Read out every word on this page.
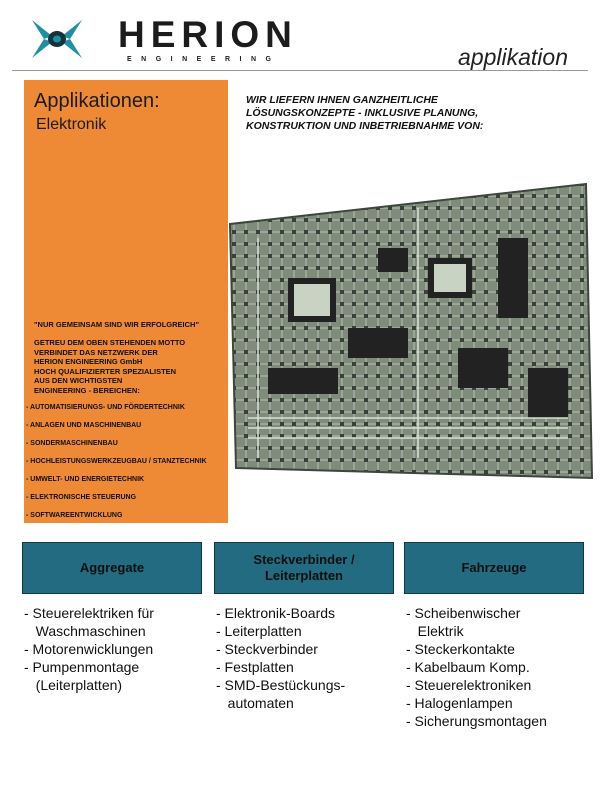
HERION
ENGINEERING	applikation
Applikationen:
Elektronik
"NUR GEMEINSAM SIND WIR ERFOLGREICH"
GETREU DEM OBEN STEHENDEN MOTTO
VERBINDET DAS NETZWERK DER
HERION ENGINEERING GmbH
HOCH QUALIFIZIERTER SPEZIALISTEN
AUS DEN WICHTIGSTEN
ENGINEERING - BEREICHEN:
- AUTOMATISIERUNGS- UND FÖRDERTECHNIK
- ANLAGEN UND MASCHINENBAU
- SONDERMASCHINENBAU
- HOCHLEISTUNGSWERKZEUGBAU / STANZTECHNIK
- UMWELT- UND ENERGIETECHNIK
- ELEKTRONISCHE STEUERUNG
- SOFTWAREENTWICKLUNG
WIR LIEFERN IHNEN GANZHEITLICHE
LÖSUNGSKONZEPTE - INKLUSIVE PLANUNG,
KONSTRUKTION UND INBETRIEBNAHME VON:
Aggregate
Steckverbinder /
Leiterplatten
Fahrzeuge
- Steuerelektriken für
Waschmaschinen
- Motorenwicklungen
- Pumpenmontage
(Leiterplatten)
- Elektronik-Boards
- Leiterplatten
- Steckverbinder
- Festplatten
- SMD-Bestückungs-
automaten
- Scheibenwischer
Elektrik
- Steckerkontakte
- Kabelbaum Komp.
- Steuerelektroniken
- Halogenlampen
- Sicherungsmontagen
